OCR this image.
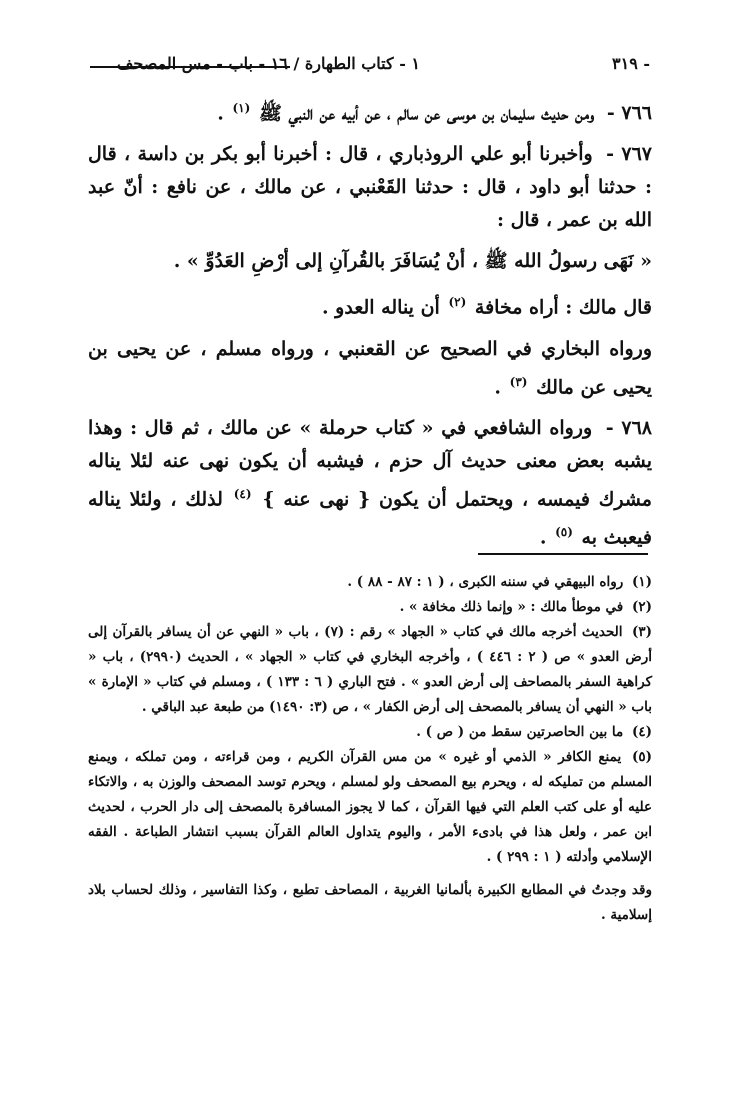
- ٣١٩
١ - كتاب الطهارة / ١٦ - باب - مس المصحف

٧٦٦ - ومن حديث سليمان بن موسى عن سالم ، عن أبيه عن النبي ﷺ $^{(١)}$ .

٧٦٧ - وأخبرنا أبو علي الروذباري ، قال : أخبرنا أبو بكر بن داسة ، قال : حدثنا أبو داود ، قال : حدثنا القَعْنبي ، عن مالك ، عن نافع : أنّ عبد الله بن عمر ، قال :

« نَهَى رسولُ الله ﷺ ، أنْ يُسَافَرَ بالقُرآنِ إلى أرْضِ العَدُوِّ » .

قال مالك : أراه مخافة $^{(٢)}$ أن يناله العدو .

ورواه البخاري في الصحيح عن القعنبي ، ورواه مسلم ، عن يحيى بن يحيى عن مالك $^{(٣)}$ .

٧٦٨ - ورواه الشافعي في « كتاب حرملة » عن مالك ، ثم قال : وهذا يشبه بعض معنى حديث آل حزم ، فيشبه أن يكون نهى عنه لئلا يناله مشرك فيمسه ، ويحتمل أن يكون { نهى عنه } $^{(٤)}$ لذلك ، ولئلا يناله فيعبث به $^{(٥)}$ .

(١) رواه البيهقي في سننه الكبرى ، ( ١ : ٨٧ - ٨٨ ) .

(٢) في موطأ مالك : « وإنما ذلك مخافة » .

(٣) الحديث أخرجه مالك في كتاب « الجهاد » رقم : (٧) ، باب « النهي عن أن يسافر بالقرآن إلى أرض العدو » ص ( ٢ : ٤٤٦ ) ، وأخرجه البخاري في كتاب « الجهاد » ، الحديث (٢٩٩٠) ، باب « كراهية السفر بالمصاحف إلى أرض العدو » . فتح الباري ( ٦ : ١٣٣ ) ، ومسلم في كتاب « الإمارة » باب « النهي أن يسافر بالمصحف إلى أرض الكفار » ، ص (٣: ١٤٩٠) من طبعة عبد الباقي .

(٤) ما بين الحاصرتين سقط من ( ص ) .

(٥) يمنع الكافر « الذمي أو غيره » من مس القرآن الكريم ، ومن قراءته ، ومن تملكه ، ويمنع المسلم من تمليكه له ، ويحرم بيع المصحف ولو لمسلم ، ويحرم توسد المصحف والوزن به ، والاتكاء عليه أو على كتب العلم التي فيها القرآن ، كما لا يجوز المسافرة بالمصحف إلى دار الحرب ، لحديث ابن عمر ، ولعل هذا في بادىء الأمر ، واليوم يتداول العالم القرآن بسبب انتشار الطباعة . الفقه الإسلامي وأدلته ( ١ : ٢٩٩ ) .

وقد وجدتُ في المطابع الكبيرة بألمانيا الغربية ، المصاحف تطبع ، وكذا التفاسير ، وذلك لحساب بلاد إسلامية .
